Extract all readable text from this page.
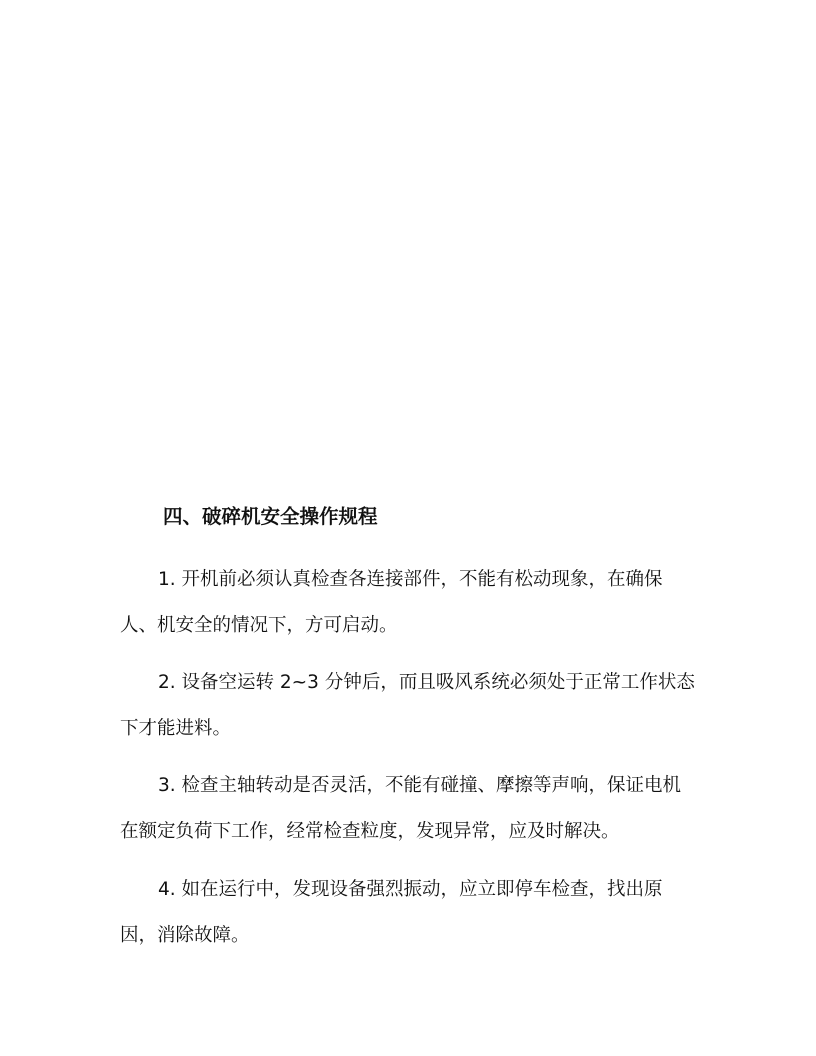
四、破碎机安全操作规程
1. 开机前必须认真检查各连接部件，不能有松动现象，在确保
人、机安全的情况下，方可启动。
2. 设备空运转 2~3 分钟后，而且吸风系统必须处于正常工作状态
下才能进料。
3. 检查主轴转动是否灵活，不能有碰撞、摩擦等声响，保证电机
在额定负荷下工作，经常检查粒度，发现异常，应及时解决。
4. 如在运行中，发现设备强烈振动，应立即停车检查，找出原
因，消除故障。
